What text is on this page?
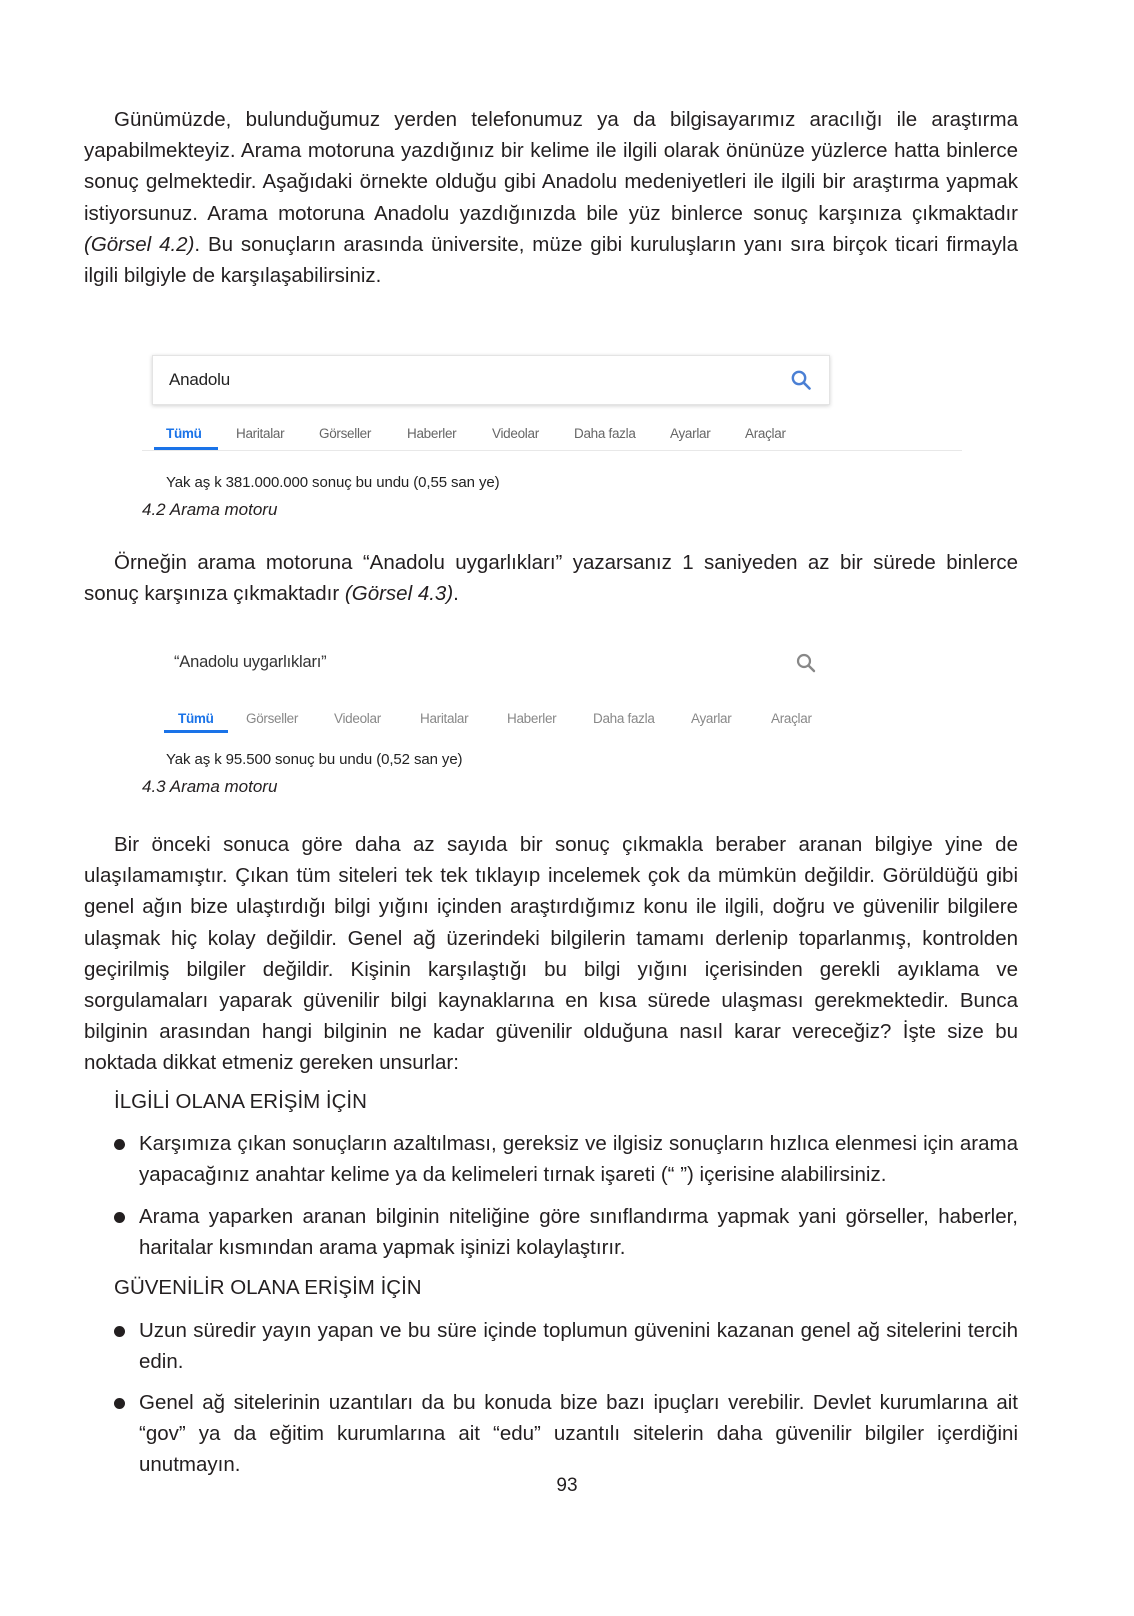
Günümüzde, bulunduğumuz yerden telefonumuz ya da bilgisayarımız aracılığı ile araştırma yapabilmekteyiz. Arama motoruna yazdığınız bir kelime ile ilgili olarak önünüze yüzlerce hatta binlerce sonuç gelmektedir. Aşağıdaki örnekte olduğu gibi Anadolu medeniyetleri ile ilgili bir araştırma yapmak istiyorsunuz. Arama motoruna Anadolu yazdığınızda bile yüz binlerce sonuç karşınıza çıkmaktadır (Görsel 4.2). Bu sonuçların arasında üniversite, müze gibi kuruluşların yanı sıra birçok ticari firmayla ilgili bilgiyle de karşılaşabilirsiniz.

Anadolu
Tümü	Haritalar	Görseller	Haberler	Videolar	Daha fazla	Ayarlar	Araçlar
Yak aş k 381.000.000 sonuç bu undu (0,55 san ye)
4.2 Arama motoru

Örneğin arama motoruna “Anadolu uygarlıkları” yazarsanız 1 saniyeden az bir sürede binlerce sonuç karşınıza çıkmaktadır (Görsel 4.3).

“Anadolu uygarlıkları”
Tümü Görseller	Videolar	Haritalar	Haberler	Daha fazla	Ayarlar	Araçlar
Yak aş k 95.500 sonuç bu undu (0,52 san ye)
4.3 Arama motoru

Bir önceki sonuca göre daha az sayıda bir sonuç çıkmakla beraber aranan bilgiye yine de ulaşılamamıştır. Çıkan tüm siteleri tek tek tıklayıp incelemek çok da mümkün değildir. Görüldüğü gibi genel ağın bize ulaştırdığı bilgi yığını içinden araştırdığımız konu ile ilgili, doğru ve güvenilir bilgilere ulaşmak hiç kolay değildir. Genel ağ üzerindeki bilgilerin tamamı derlenip toparlanmış, kontrolden geçirilmiş bilgiler değildir. Kişinin karşılaştığı bu bilgi yığını içerisinden gerekli ayıklama ve sorgulamaları yaparak güvenilir bilgi kaynaklarına en kısa sürede ulaşması gerekmektedir. Bunca bilginin arasından hangi bilginin ne kadar güvenilir olduğuna nasıl karar vereceğiz? İşte size bu noktada dikkat etmeniz gereken unsurlar:

İLGİLİ OLANA ERİŞİM İÇİN

Karşımıza çıkan sonuçların azaltılması, gereksiz ve ilgisiz sonuçların hızlıca elenmesi için arama yapacağınız anahtar kelime ya da kelimeleri tırnak işareti (“ ”) içerisine alabilirsiniz.

Arama yaparken aranan bilginin niteliğine göre sınıflandırma yapmak yani görseller, haberler, haritalar kısmından arama yapmak işinizi kolaylaştırır.

GÜVENİLİR OLANA ERİŞİM İÇİN

Uzun süredir yayın yapan ve bu süre içinde toplumun güvenini kazanan genel ağ sitelerini tercih edin.

Genel ağ sitelerinin uzantıları da bu konuda bize bazı ipuçları verebilir. Devlet kurumlarına ait “gov” ya da eğitim kurumlarına ait “edu” uzantılı sitelerin daha güvenilir bilgiler içerdiğini unutmayın.

93
